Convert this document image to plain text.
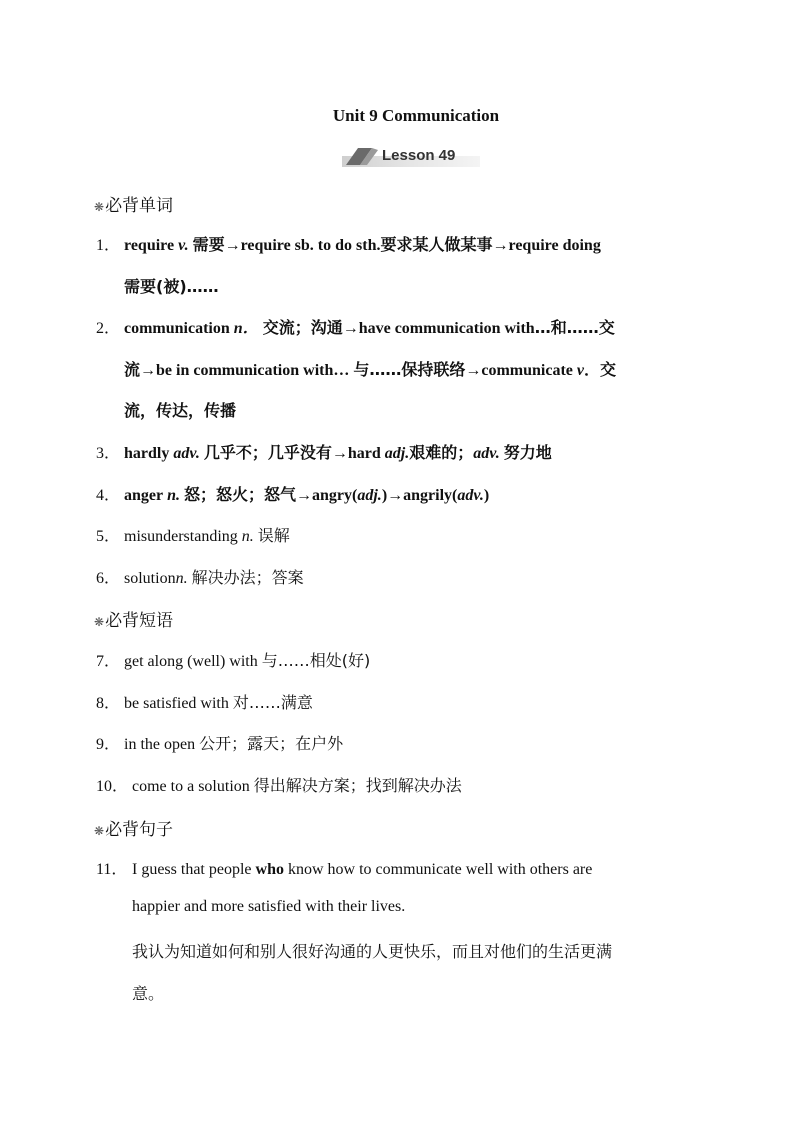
Unit 9 Communication
Lesson 49
❋必背单词
1． require v. 需要→require sb. to do sth.要求某人做某事→require doing
需要(被)……
2． communication n． 交流；沟通→have communication with…和……交
流→be in communication with… 与……保持联络→communicate v．交
流，传达，传播
3． hardly adv. 几乎不；几乎没有→hard adj.艰难的；adv. 努力地
4． anger n. 怒；怒火；怒气→angry(adj.)→angrily(adv.)
5． misunderstanding n. 误解
6． solutionn. 解决办法；答案
❋必背短语
7． get along (well) with 与……相处(好)
8． be satisfied with 对……满意
9． in the open 公开；露天；在户外
10． come to a solution 得出解决方案；找到解决办法
❋必背句子
11． I guess that people who know how to communicate well with others are
happier and more satisfied with their lives.
我认为知道如何和别人很好沟通的人更快乐，而且对他们的生活更满
意。
